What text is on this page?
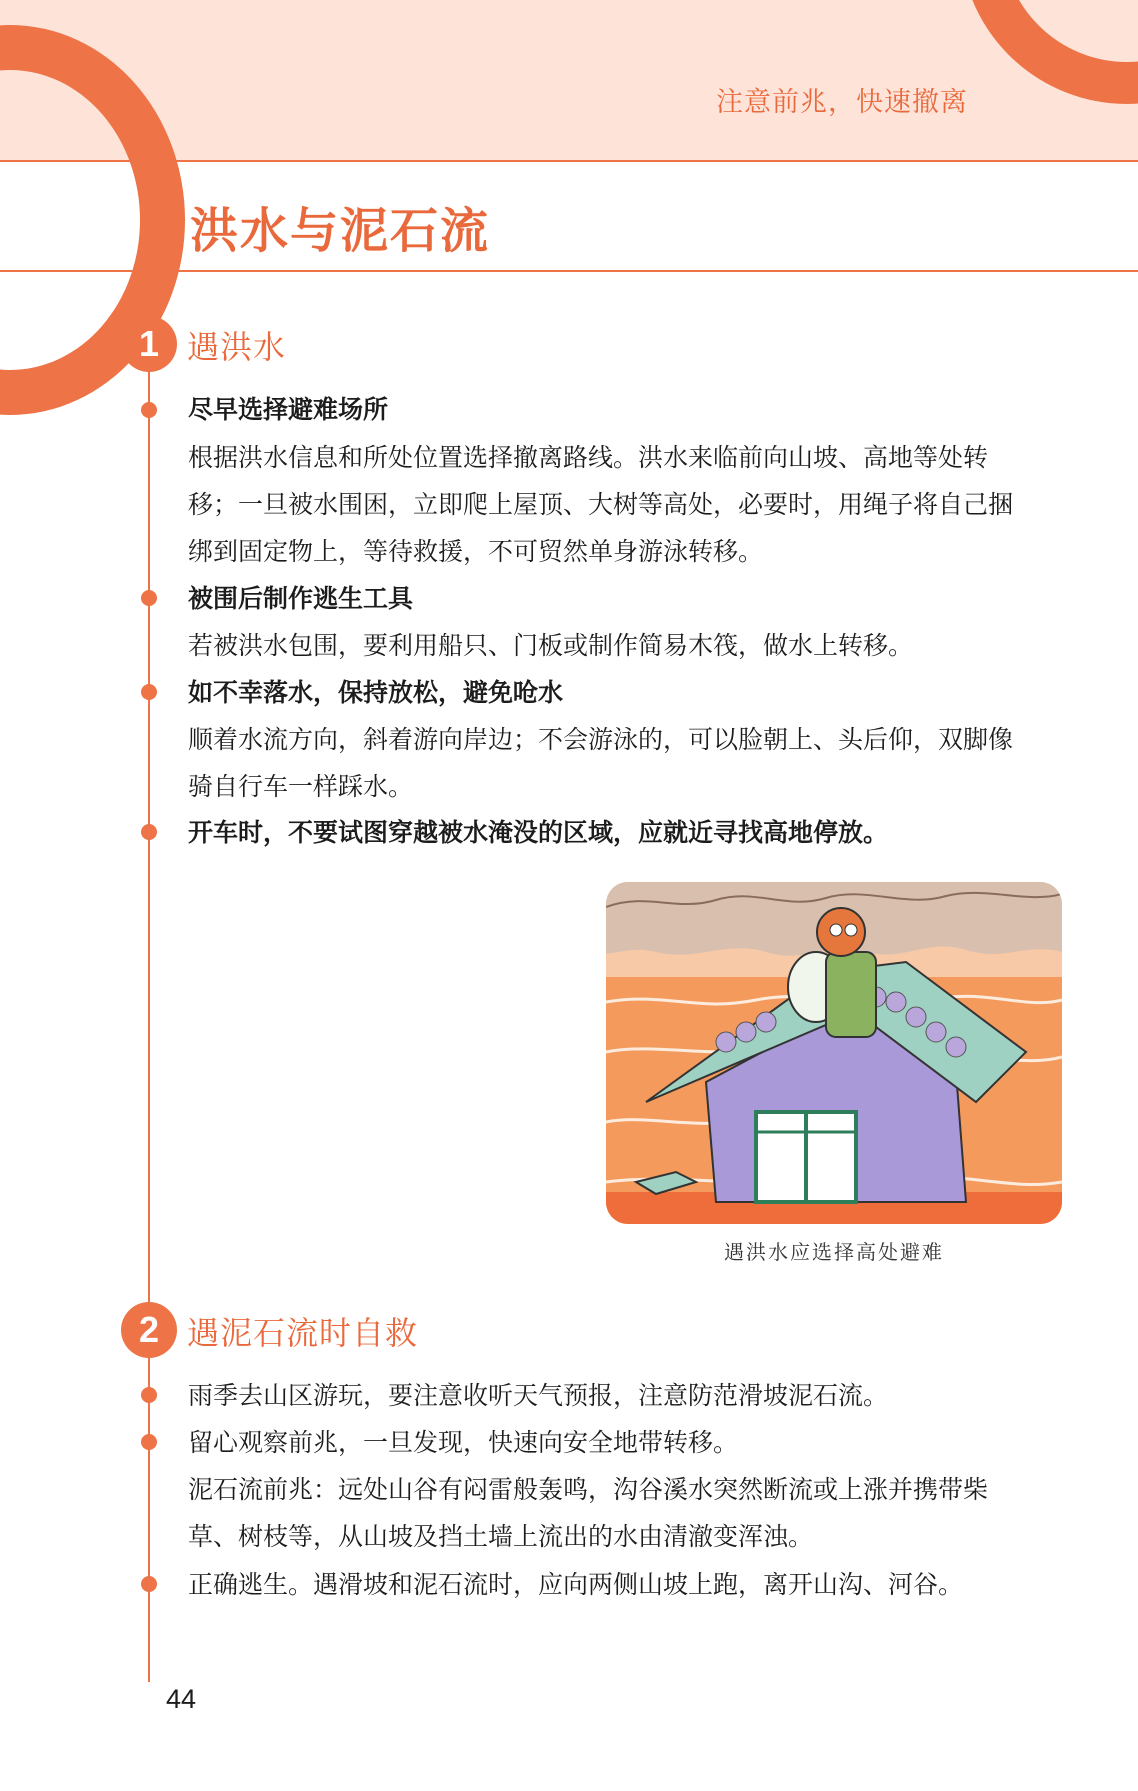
注意前兆，快速撤离
洪水与泥石流
1 遇洪水
尽早选择避难场所
根据洪水信息和所处位置选择撤离路线。洪水来临前向山坡、高地等处转
移；一旦被水围困，立即爬上屋顶、大树等高处，必要时，用绳子将自己捆
绑到固定物上，等待救援，不可贸然单身游泳转移。
被围后制作逃生工具
若被洪水包围，要利用船只、门板或制作简易木筏，做水上转移。
如不幸落水，保持放松，避免呛水
顺着水流方向，斜着游向岸边；不会游泳的，可以脸朝上、头后仰，双脚像
骑自行车一样踩水。
开车时，不要试图穿越被水淹没的区域，应就近寻找高地停放。
遇洪水应选择高处避难
2 遇泥石流时自救
雨季去山区游玩，要注意收听天气预报，注意防范滑坡泥石流。
留心观察前兆，一旦发现，快速向安全地带转移。
泥石流前兆：远处山谷有闷雷般轰鸣，沟谷溪水突然断流或上涨并携带柴
草、树枝等，从山坡及挡土墙上流出的水由清澈变浑浊。
正确逃生。遇滑坡和泥石流时，应向两侧山坡上跑，离开山沟、河谷。
44
